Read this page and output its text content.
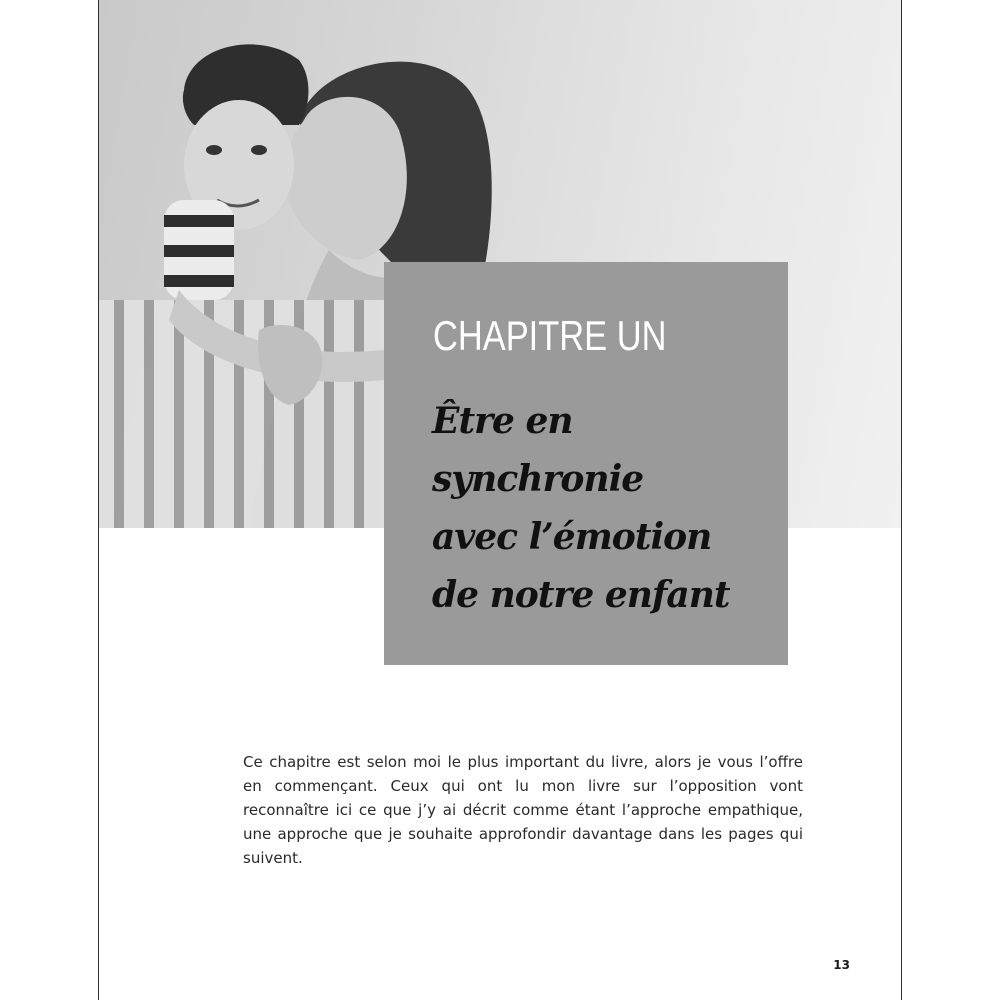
CHAPITRE UN
Être en
synchronie
avec l’émotion
de notre enfant

Ce chapitre est selon moi le plus important du livre, alors je vous l’offre en commençant. Ceux qui ont lu mon livre sur l’opposition vont reconnaître ici ce que j’y ai décrit comme étant l’approche empathique, une approche que je souhaite approfondir davantage dans les pages qui suivent.

13
